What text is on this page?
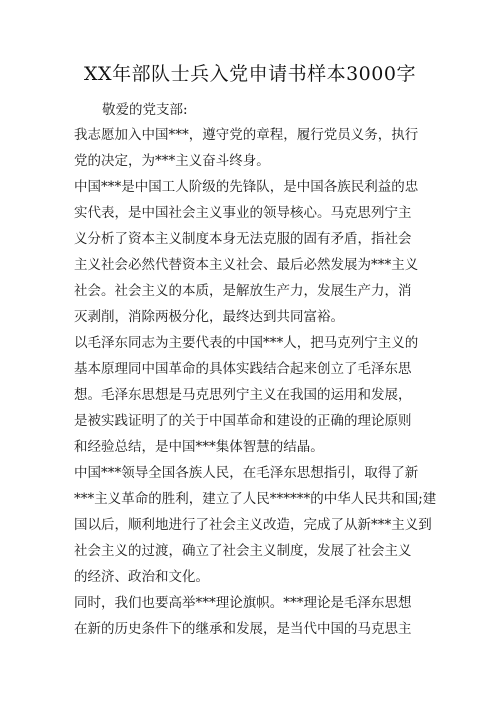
XX年部队士兵入党申请书样本3000字
敬爱的党支部:
我志愿加入中国***，遵守党的章程，履行党员义务，执行
党的决定，为***主义奋斗终身。
中国***是中国工人阶级的先锋队，是中国各族民利益的忠
实代表，是中国社会主义事业的领导核心。马克思列宁主
义分析了资本主义制度本身无法克服的固有矛盾，指社会
主义社会必然代替资本主义社会、最后必然发展为***主义
社会。社会主义的本质，是解放生产力，发展生产力，消
灭剥削，消除两极分化，最终达到共同富裕。
以毛泽东同志为主要代表的中国***人，把马克列宁主义的
基本原理同中国革命的具体实践结合起来创立了毛泽东思
想。毛泽东思想是马克思列宁主义在我国的运用和发展，
是被实践证明了的关于中国革命和建设的正确的理论原则
和经验总结，是中国***集体智慧的结晶。
中国***领导全国各族人民，在毛泽东思想指引，取得了新
***主义革命的胜利，建立了人民******的中华人民共和国;建
国以后，顺利地进行了社会主义改造，完成了从新***主义到
社会主义的过渡，确立了社会主义制度，发展了社会主义
的经济、政治和文化。
同时，我们也要高举***理论旗帜。***理论是毛泽东思想
在新的历史条件下的继承和发展，是当代中国的马克思主
